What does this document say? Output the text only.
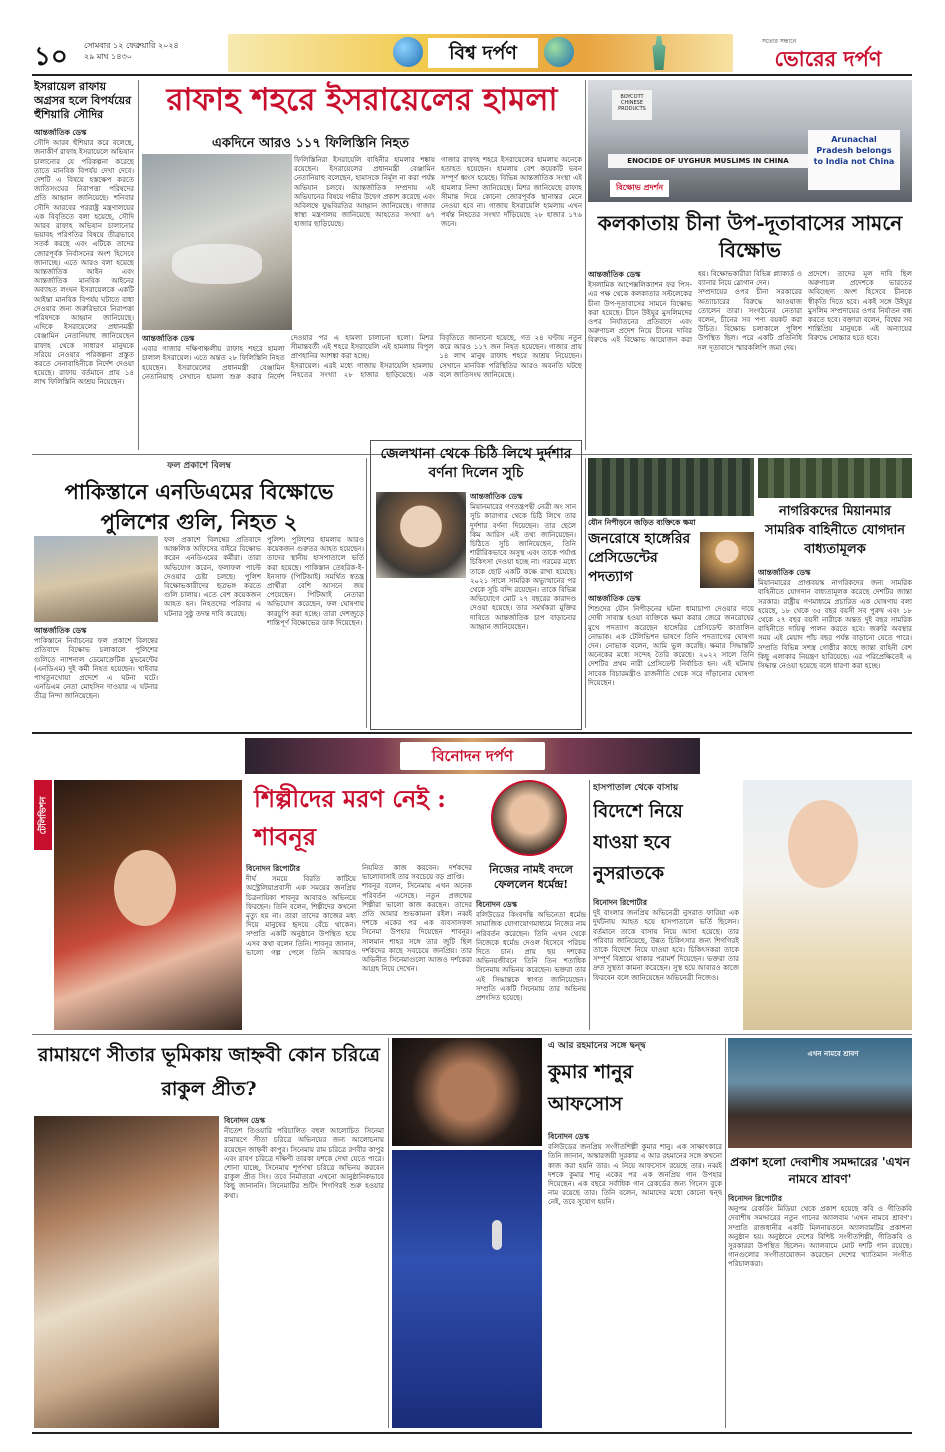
১০ সোমবার ১২ ফেব্রুয়ারি ২০২৪
২৯ মাঘ ১৪৩০	বিশ্ব দর্পণ
সত্যের সন্ধানে
ভোরের দর্পণ
ইসরায়েল রাফায় অগ্রসর হলে বিপর্যয়ের হুঁশিয়ারি সৌদির
আন্তর্জাতিক ডেস্ক
সৌদি আরব হুঁশিয়ার করে বলেছে, জনাকীর্ণ রাফাহ ইসরায়েলে অভিযান চালানোর যে পরিকল্পনা করেছে তাতে মানবিক বিপর্যয় দেখা দেবে। দেশটি এ বিষয়ে হস্তক্ষেপ করতে জাতিসংঘের নিরাপত্তা পরিষদের প্রতি আহ্বান জানিয়েছে। শনিবার সৌদি আরবের পররাষ্ট্র মন্ত্রণালয়ের এক বিবৃতিতে বলা হয়েছে, সৌদি আরব রাফাহ অভিযান চালানোর ভয়াবহ পরিণতির বিষয়ে তীব্রভাবে সতর্ক করছে এবং এটিকে তাদের জোরপূর্বক নির্বাসনের অংশ হিসেবে জানাচ্ছে। এতে আরও বলা হয়েছে আন্তর্জাতিক আইন এবং আন্তর্জাতিক মানবিক আইনের অব্যাহত লংঘন ইসরায়েলকে একটি আইন্তা মানবিক বিপর্যয় ঘটাতে বাধা দেওয়ার জন্য জরুরিভাবে নিরাপত্তা পরিষদকে আহ্বান জানিয়েছে। এদিকে ইসরায়েলের প্রধানমন্ত্রী বেঞ্জামিন নেতানিয়াহু জানিয়েছেন রাফাহ থেকে সাধারণ মানুষকে সরিয়ে নেওয়ার পরিকল্পনা প্রস্তুত করতে সেনাবাহিনীকে নির্দেশ দেওয়া হয়েছে। রাফায় বর্তমানে প্রায় ১৪ লাখ ফিলিস্তিনি আশ্রয় নিয়েছেন।
রাফাহ শহরে ইসরায়েলের হামলা
একদিনে আরও ১১৭ ফিলিস্তিনি নিহত
ফিলিস্তিনিরা ইসরায়েলি বাহিনীর হামলার শঙ্কায় রয়েছেন। ইসরায়েলের প্রধানমন্ত্রী বেঞ্জামিন নেতানিয়াহু বলেছেন, হামাসকে নির্মূল না করা পর্যন্ত অভিযান চলবে। আন্তর্জাতিক সম্প্রদায় এই অভিযানের বিষয়ে গভীর উদ্বেগ প্রকাশ করেছে এবং অবিলম্বে যুদ্ধবিরতির আহ্বান জানিয়েছে। গাজার স্বাস্থ্য মন্ত্রণালয় জানিয়েছে আহতের সংখ্যা ৬৭ হাজার ছাড়িয়েছে।
গাজার রাফাহ শহরে ইসরায়েলের হামলায় অনেকে হতাহত হয়েছেন। হামলায় বেশ কয়েকটি ভবন সম্পূর্ণ ধ্বংস হয়েছে। বিভিন্ন আন্তর্জাতিক সংস্থা এই হামলার নিন্দা জানিয়েছে। মিশর জানিয়েছে রাফাহ সীমান্ত দিয়ে কোনো জোরপূর্বক স্থানান্তর মেনে নেওয়া হবে না। গাজায় ইসরায়েলি হামলায় এখন পর্যন্ত নিহতের সংখ্যা দাঁড়িয়েছে ২৮ হাজার ১৭৬ জনে।
আন্তর্জাতিক ডেস্ক
এবার গাজার দক্ষিণাঞ্চলীয় রাফাহ শহরে হামলা চালাল ইসরায়েল। এতে অন্তত ২৮ ফিলিস্তিনি নিহত হয়েছেন। ইসরায়েলের প্রধানমন্ত্রী বেঞ্জামিন নেতানিয়াহু সেখানে হামলা শুরু করার নির্দেশ দেওয়ার পর এ হামলা চালানো হলো। মিশর সীমান্তবর্তী এই শহরে ইসরায়েলি এই হামলায় বিপুল প্রাণহানির আশঙ্কা করা হচ্ছে।
ইসরায়েল। এরই মধ্যে গাজায় ইসরায়েলি হামলায় নিহতের সংখ্যা ২৮ হাজার ছাড়িয়েছে। এক বিবৃতিতে জানানো হয়েছে, গত ২৪ ঘণ্টায় নতুন করে আরও ১১৭ জন নিহত হয়েছেন। গাজার প্রায় ১৪ লাখ মানুষ রাফাহ শহরে আশ্রয় নিয়েছেন। সেখানে মানবিক পরিস্থিতির আরও অবনতি ঘটছে বলে জাতিসংঘ জানিয়েছে।
BOYCOTT CHINESE PRODUCTS
ENOCIDE OF UYGHUR MUSLIMS IN CHINA
Arunachal Pradesh belongs to India not China
বিক্ষোভ প্রদর্শন
কলকাতায় চীনা উপ-দূতাবাসের সামনে বিক্ষোভ
আন্তর্জাতিক ডেস্ক
ইসলামিক আপেক্সলিক্যাশন ফর পিস-এর পক্ষ থেকে কলকাতার সল্টলেকের চীনা উপ-দূতাবাসের সামনে বিক্ষোভ করা হয়েছে। চীনে উইঘুর মুসলিমদের ওপর নির্যাতনের প্রতিবাদে এবং অরুণাচল প্রদেশ নিয়ে চীনের দাবির বিরুদ্ধে এই বিক্ষোভ আয়োজন করা হয়। বিক্ষোভকারীরা বিভিন্ন প্ল্যাকার্ড ও ব্যানার নিয়ে স্লোগান দেন।
সম্প্রদায়ের ওপর চীনা সরকারের অত্যাচারের বিরুদ্ধে আওয়াজ তোলেন তারা। সংগঠনের নেতারা বলেন, চীনের সব পণ্য বয়কট করা উচিত। বিক্ষোভ চলাকালে পুলিশ উপস্থিত ছিল। পরে একটি প্রতিনিধি দল দূতাবাসে স্মারকলিপি জমা দেয়।
প্রদেশে। তাদের মূল দাবি ছিল অরুণাচল প্রদেশকে ভারতের অবিচ্ছেদ্য অংশ হিসেবে চীনকে স্বীকৃতি দিতে হবে। একই সঙ্গে উইঘুর মুসলিম সম্প্রদায়ের ওপর নির্যাতন বন্ধ করতে হবে। বক্তারা বলেন, বিশ্বের সব শান্তিপ্রিয় মানুষকে এই অন্যায়ের বিরুদ্ধে সোচ্চার হতে হবে।
ফল প্রকাশে বিলম্ব
পাকিস্তানে এনডিএমের বিক্ষোভে পুলিশের গুলি, নিহত ২
ফল প্রকাশে বিলম্বের প্রতিবাদে আঞ্চলিক অফিসের বাইরে বিক্ষোভ করেন এনডিএমের কর্মীরা। তারা অভিযোগ করেন, ফলাফল পাল্টে দেওয়ার চেষ্টা চলছে। পুলিশ বিক্ষোভকারীদের ছত্রভঙ্গ করতে গুলি চালায়। এতে বেশ কয়েকজন আহত হন। নিহতদের পরিবার এ ঘটনার সুষ্ঠু তদন্ত দাবি করেছে।
পুলিশ। পুলিশের হামলায় আরও কয়েকজন গুরুতর আহত হয়েছেন। তাদের স্থানীয় হাসপাতালে ভর্তি করা হয়েছে। পাকিস্তান তেহরিক-ই-ইনসাফ (পিটিআই) সমর্থিত স্বতন্ত্র প্রার্থীরা বেশি আসনে জয় পেয়েছেন। পিটিআই নেতারা অভিযোগ করেছেন, ফল ঘোষণায় কারচুপি করা হচ্ছে। তারা দেশজুড়ে শান্তিপূর্ণ বিক্ষোভের ডাক দিয়েছেন।
আন্তর্জাতিক ডেস্ক
পাকিস্তানে নির্বাচনের ফল প্রকাশে বিলম্বের প্রতিবাদে বিক্ষোভ চলাকালে পুলিশের গুলিতে ন্যাশনাল ডেমোক্রেটিক মুভমেন্টের (এনডিএম) দুই কর্মী নিহত হয়েছেন। খাইবার পাখতুনখোয়া প্রদেশে এ ঘটনা ঘটে। এনডিএম নেতা মোহসিন দাওয়ার এ ঘটনার তীব্র নিন্দা জানিয়েছেন।
জেলখানা থেকে চিঠি লিখে দুর্দশার বর্ণনা দিলেন সুচি
আন্তর্জাতিক ডেস্ক
মিয়ানমারের গণতন্ত্রপন্থী নেত্রী অং সান সুচি কারাগার থেকে চিঠি লিখে তার দুর্দশার বর্ণনা দিয়েছেন। তার ছেলে কিম আরিস এই তথ্য জানিয়েছেন। চিঠিতে সুচি জানিয়েছেন, তিনি শারীরিকভাবে অসুস্থ এবং তাকে পর্যাপ্ত চিকিৎসা দেওয়া হচ্ছে না। গরমের মধ্যে তাকে ছোট একটি কক্ষে রাখা হয়েছে। ২০২১ সালে সামরিক অভ্যুত্থানের পর থেকে সুচি বন্দি রয়েছেন। তাকে বিভিন্ন অভিযোগে মোট ২৭ বছরের কারাদণ্ড দেওয়া হয়েছে। তার সমর্থকরা মুক্তির দাবিতে আন্তর্জাতিক চাপ বাড়ানোর আহ্বান জানিয়েছেন।
যৌন নিপীড়নে জড়িত ব্যক্তিকে ক্ষমা
জনরোষে হাঙ্গেরির প্রেসিডেন্টের পদত্যাগ
আন্তর্জাতিক ডেস্ক
শিশুদের যৌন নিপীড়নের ঘটনা ধামাচাপা দেওয়ার দায়ে দোষী সাব্যস্ত হওয়া ব্যক্তিকে ক্ষমা করার জেরে জনরোষের মুখে পদত্যাগ করেছেন হাঙ্গেরির প্রেসিডেন্ট কাতালিন নোভাক। এক টেলিভিশন ভাষণে তিনি পদত্যাগের ঘোষণা দেন। নোভাক বলেন, আমি ভুল করেছি। ক্ষমার সিদ্ধান্তটি অনেকের মধ্যে সন্দেহ তৈরি করেছে। ২০২২ সালে তিনি দেশটির প্রথম নারী প্রেসিডেন্ট নির্বাচিত হন। এই ঘটনায় সাবেক বিচারমন্ত্রীও রাজনীতি থেকে সরে দাঁড়ানোর ঘোষণা দিয়েছেন।
নাগরিকদের মিয়ানমার সামরিক বাহিনীতে যোগদান বাধ্যতামূলক
আন্তর্জাতিক ডেস্ক
মিয়ানমারের প্রাপ্তবয়স্ক নাগরিকদের জন্য সামরিক বাহিনীতে যোগদান বাধ্যতামূলক করেছে দেশটির জান্তা সরকার। রাষ্ট্রীয় গণমাধ্যমে প্রচারিত এক ঘোষণায় বলা হয়েছে, ১৮ থেকে ৩৫ বছর বয়সী সব পুরুষ এবং ১৮ থেকে ২৭ বছর বয়সী নারীকে অন্তত দুই বছর সামরিক বাহিনীতে দায়িত্ব পালন করতে হবে। জরুরি অবস্থার সময় এই মেয়াদ পাঁচ বছর পর্যন্ত বাড়ানো যেতে পারে। সম্প্রতি বিভিন্ন সশস্ত্র গোষ্ঠীর কাছে জান্তা বাহিনী বেশ কিছু এলাকার নিয়ন্ত্রণ হারিয়েছে। এর পরিপ্রেক্ষিতেই এ সিদ্ধান্ত নেওয়া হয়েছে বলে ধারণা করা হচ্ছে।
বিনোদন দর্পণ
টেলিভিশন	শিল্পীদের মরণ নেই : শাবনূর
বিনোদন রিপোর্টার
দীর্ঘ সময়ে বিরতি কাটিয়ে অস্ট্রেলিয়াপ্রবাসী এক সময়ের জনপ্রিয় চিত্রনায়িকা শাবনূর আবারও অভিনয়ে ফিরছেন। তিনি বলেন, শিল্পীদের কখনো মৃত্যু হয় না। তারা তাদের কাজের মধ্য দিয়ে মানুষের হৃদয়ে বেঁচে থাকেন। সম্প্রতি একটি অনুষ্ঠানে উপস্থিত হয়ে এসব কথা বলেন তিনি। শাবনূর জানান, ভালো গল্প পেলে তিনি আবারও নিয়মিত কাজ করবেন। দর্শকদের ভালোবাসাই তার সবচেয়ে বড় প্রাপ্তি।
শাবনূর বলেন, সিনেমায় এখন অনেক পরিবর্তন এসেছে। নতুন প্রজন্মের শিল্পীরা ভালো কাজ করছেন। তাদের প্রতি আমার শুভকামনা রইল। নব্বই দশকে একের পর এক ব্যবসাসফল সিনেমা উপহার দিয়েছেন শাবনূর। সালমান শাহর সঙ্গে তার জুটি ছিল দর্শকদের কাছে সবচেয়ে জনপ্রিয়। তার অভিনীত সিনেমাগুলো আজও দর্শকেরা আগ্রহ নিয়ে দেখেন।
নিজের নামই বদলে ফেললেন ধর্মেন্দ্র!
বিনোদন ডেস্ক
বলিউডের কিংবদন্তি অভিনেতা ধর্মেন্দ্র সামাজিক যোগাযোগমাধ্যমে নিজের নাম পরিবর্তন করেছেন। তিনি এখন থেকে নিজেকে ধর্মেন্দ্র দেওল হিসেবে পরিচয় দিতে চান। প্রায় ছয় দশকের অভিনয়জীবনে তিনি তিন শতাধিক সিনেমায় অভিনয় করেছেন। ভক্তরা তার এই সিদ্ধান্তকে স্বাগত জানিয়েছেন। সম্প্রতি একটি সিনেমায় তার অভিনয় প্রশংসিত হয়েছে।
হাসপাতাল থেকে বাসায়
বিদেশে নিয়ে যাওয়া হবে নুসরাতকে
বিনোদন রিপোর্টার
দুই বাংলার জনপ্রিয় অভিনেত্রী নুসরাত ফারিয়া এক দুর্ঘটনায় আহত হয়ে হাসপাতালে ভর্তি ছিলেন। বর্তমানে তাকে বাসায় নিয়ে আসা হয়েছে। তার পরিবার জানিয়েছে, উন্নত চিকিৎসার জন্য শিগগিরই তাকে বিদেশে নিয়ে যাওয়া হবে। চিকিৎসকরা তাকে সম্পূর্ণ বিশ্রামে থাকার পরামর্শ দিয়েছেন। ভক্তরা তার দ্রুত সুস্থতা কামনা করেছেন। সুস্থ হয়ে আবারও কাজে ফিরবেন বলে জানিয়েছেন অভিনেত্রী নিজেও।
রামায়ণে সীতার ভূমিকায় জাহ্নবী কোন চরিত্রে রাকুল প্রীত?
বিনোদন ডেস্ক
নীতেশ তিওয়ারি পরিচালিত বহুল আলোচিত সিনেমা রামায়ণে সীতা চরিত্রে অভিনয়ের জন্য আলোচনায় রয়েছেন জাহ্নবী কাপুর। সিনেমায় রাম চরিত্রে রণবীর কাপুর এবং রাবণ চরিত্রে দক্ষিণী তারকা যশকে দেখা যেতে পারে। শোনা যাচ্ছে, সিনেমায় শূর্পণখা চরিত্রে অভিনয় করবেন রাকুল প্রীত সিং। তবে নির্মাতারা এখনো আনুষ্ঠানিকভাবে কিছু জানাননি। সিনেমাটির শুটিং শিগগিরই শুরু হওয়ার কথা।
এ আর রহমানের সঙ্গে দ্বন্দ্ব
কুমার শানুর আফসোস
বিনোদন ডেস্ক
বলিউডের জনপ্রিয় সংগীতশিল্পী কুমার শানু। এক সাক্ষাৎকারে তিনি জানান, অস্কারজয়ী সুরকার এ আর রহমানের সঙ্গে কখনো কাজ করা হয়নি তার। এ নিয়ে আফসোস রয়েছে তার। নব্বই দশকে কুমার শানু একের পর এক জনপ্রিয় গান উপহার দিয়েছেন। এক বছরে সর্বাধিক গান রেকর্ডের জন্য গিনেস বুকে নাম রয়েছে তার। তিনি বলেন, আমাদের মধ্যে কোনো দ্বন্দ্ব নেই, তবে সুযোগ হয়নি।
এখন নামবে শ্রাবণ
প্রকাশ হলো দেবাশীষ সমদ্দারের 'এখন নামবে শ্রাবণ'
বিনোদন রিপোর্টার
অনুপম রেকর্ডিং মিডিয়া থেকে প্রকাশ হয়েছে কবি ও গীতিকবি দেবাশীষ সমদ্দারের নতুন গানের অ্যালবাম 'এখন নামবে শ্রাবণ'। সম্প্রতি রাজধানীর একটি মিলনায়তনে অ্যালবামটির প্রকাশনা অনুষ্ঠান হয়। অনুষ্ঠানে দেশের বিশিষ্ট সংগীতশিল্পী, গীতিকবি ও সুরকাররা উপস্থিত ছিলেন। অ্যালবামে মোট দশটি গান রয়েছে। গানগুলোর সংগীতায়োজন করেছেন দেশের খ্যাতিমান সংগীত পরিচালকরা।
